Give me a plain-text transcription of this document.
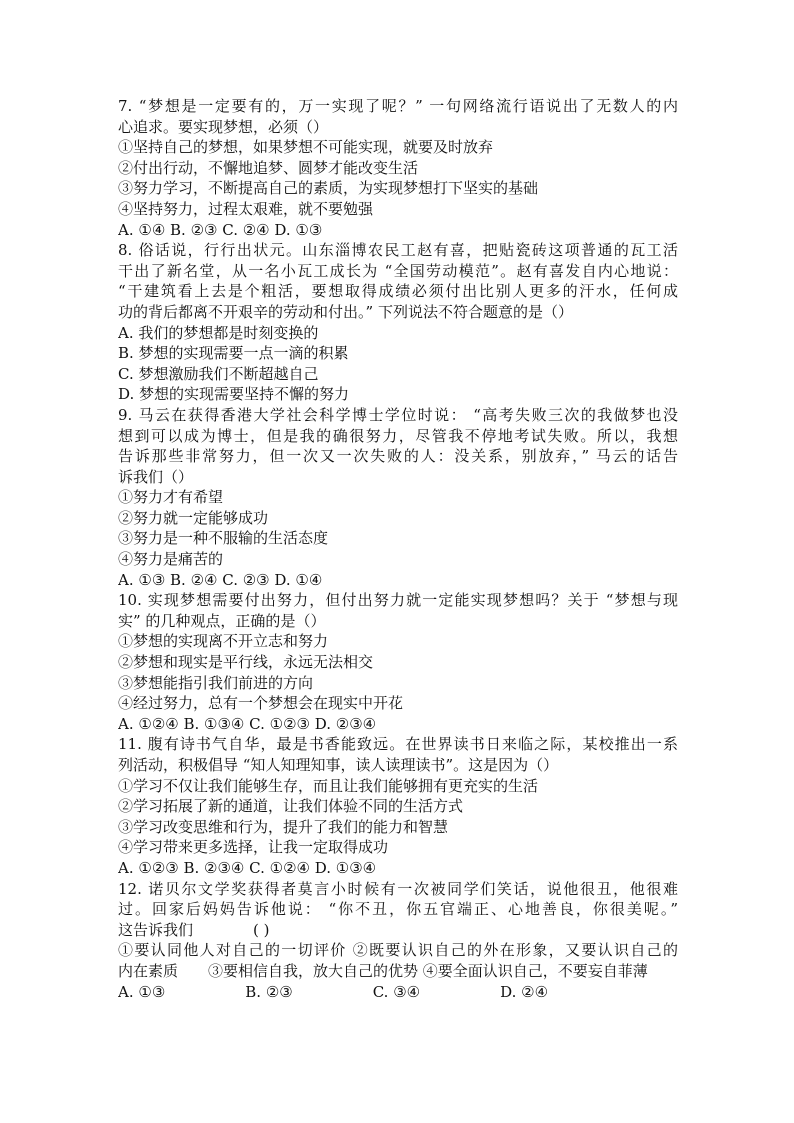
7. “梦想是一定要有的，万一实现了呢？” 一句网络流行语说出了无数人的内
心追求。要实现梦想，必须（）
①坚持自己的梦想，如果梦想不可能实现，就要及时放弃
②付出行动，不懈地追梦、圆梦才能改变生活
③努力学习，不断提高自己的素质，为实现梦想打下坚实的基础
④坚持努力，过程太艰难，就不要勉强
A. ①④ B. ②③ C. ②④ D. ①③
8. 俗话说，行行出状元。山东淄博农民工赵有喜，把贴瓷砖这项普通的瓦工活
干出了新名堂，从一名小瓦工成长为 “全国劳动模范”。赵有喜发自内心地说：
“干建筑看上去是个粗活，要想取得成绩必须付出比别人更多的汗水，任何成
功的背后都离不开艰辛的劳动和付出。” 下列说法不符合题意的是（）
A. 我们的梦想都是时刻变换的
B. 梦想的实现需要一点一滴的积累
C. 梦想激励我们不断超越自己
D. 梦想的实现需要坚持不懈的努力
9. 马云在获得香港大学社会科学博士学位时说： “高考失败三次的我做梦也没
想到可以成为博士，但是我的确很努力，尽管我不停地考试失败。所以，我想
告诉那些非常努力，但一次又一次失败的人：没关系，别放弃，” 马云的话告
诉我们（）
①努力才有希望
②努力就一定能够成功
③努力是一种不服输的生活态度
④努力是痛苦的
A. ①③ B. ②④ C. ②③ D. ①④
10. 实现梦想需要付出努力，但付出努力就一定能实现梦想吗？关于 “梦想与现
实” 的几种观点，正确的是（）
①梦想的实现离不开立志和努力
②梦想和现实是平行线，永远无法相交
③梦想能指引我们前进的方向
④经过努力，总有一个梦想会在现实中开花
A. ①②④ B. ①③④ C. ①②③ D. ②③④
11. 腹有诗书气自华，最是书香能致远。在世界读书日来临之际，某校推出一系
列活动，积极倡导 “知人知理知事，读人读理读书”。这是因为（）
①学习不仅让我们能够生存，而且让我们能够拥有更充实的生活
②学习拓展了新的通道，让我们体验不同的生活方式
③学习改变思维和行为，提升了我们的能力和智慧
④学习带来更多选择，让我一定取得成功
A. ①②③ B. ②③④ C. ①②④ D. ①③④
12. 诺贝尔文学奖获得者莫言小时候有一次被同学们笑话，说他很丑，他很难
过。回家后妈妈告诉他说： “你不丑，你五官端正、心地善良，你很美呢。”
这告诉我们	( )
①要认同他人对自己的一切评价 ②既要认识自己的外在形象，又要认识自己的
内在素质 ③要相信自我，放大自己的优势 ④要全面认识自己，不要妄自菲薄
A. ①③	B. ②③	C. ③④	D. ②④
